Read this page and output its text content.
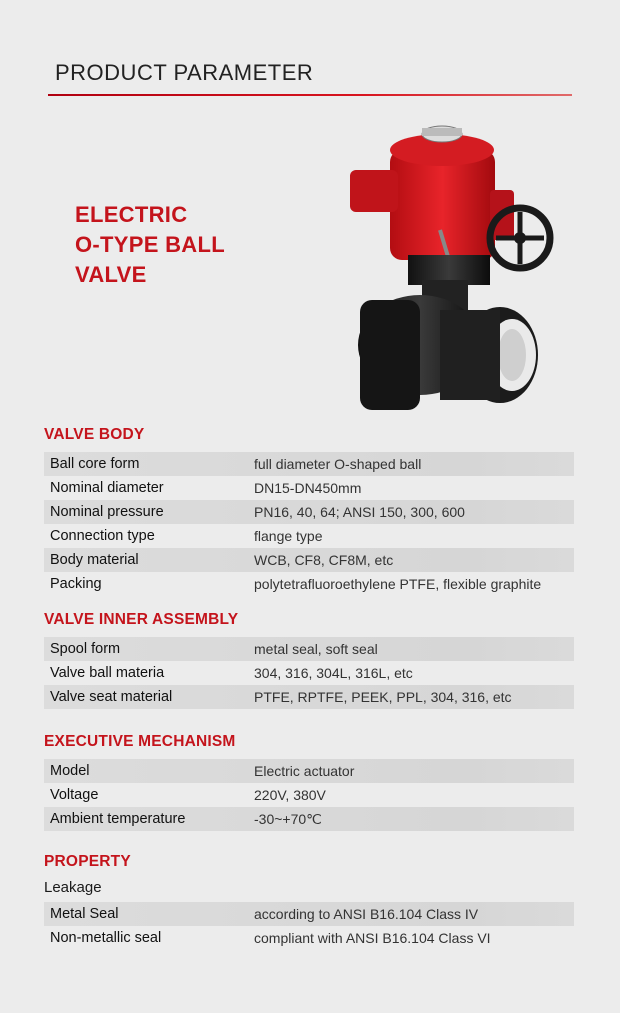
PRODUCT PARAMETER
ELECTRIC
O-TYPE BALL
VALVE
VALVE BODY
Ball core form	full diameter O-shaped ball
Nominal diameter	DN15-DN450mm
Nominal pressure	PN16, 40, 64; ANSI 150, 300, 600
Connection type	flange type
Body material	WCB, CF8, CF8M, etc
Packing	polytetrafluoroethylene PTFE, flexible graphite
VALVE INNER ASSEMBLY
Spool form	metal seal, soft seal
Valve ball materia	304, 316, 304L, 316L, etc
Valve seat material	PTFE, RPTFE, PEEK, PPL, 304, 316, etc
EXECUTIVE MECHANISM
Model	Electric actuator
Voltage	220V, 380V
Ambient temperature	-30~+70℃
PROPERTY
Leakage
Metal Seal	according to ANSI B16.104 Class IV
Non-metallic seal	compliant with ANSI B16.104 Class VI
